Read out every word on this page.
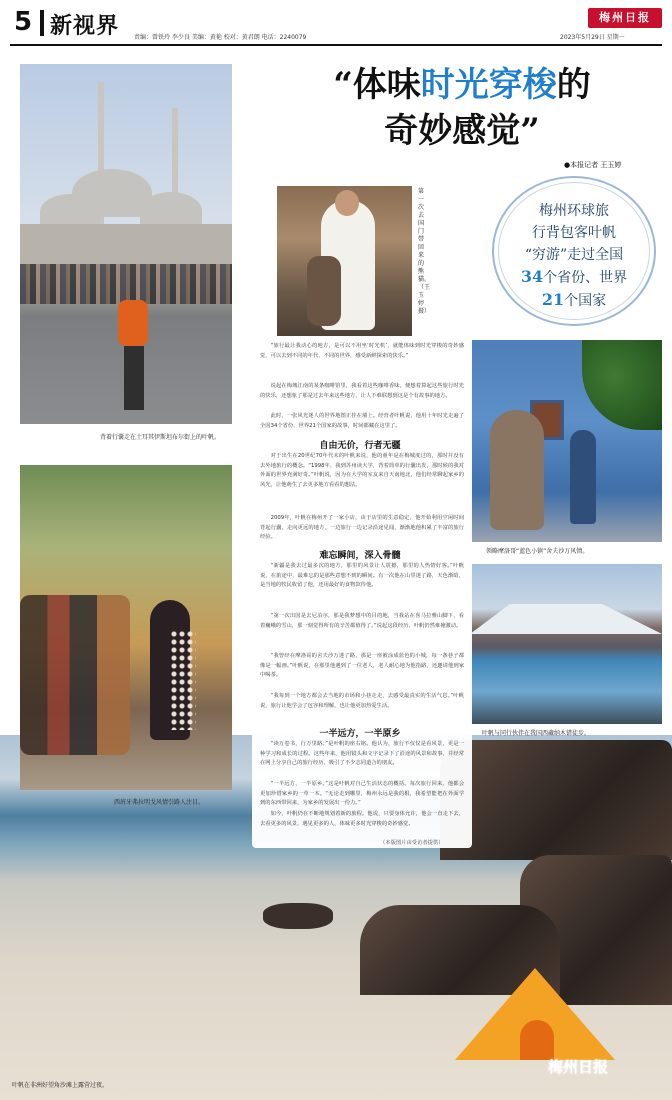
5 新视界 责编：曾铁玲 李少良 美编：黄艳 校对：黄君朗 电话：2240079
梅州日报
2023年5月29日 星期一
叶帆在非洲好望角沙滩上露营过夜。
梅州日报
背着行囊走在土耳其伊斯坦布尔街上的叶帆。
西班牙弗拉明戈风情引路人注目。
领略摩洛哥“蓝色小镇”舍夫沙万风情。
叶帆与同行伙伴在我国西藏纳木错徒步。
“体味时光穿梭的
奇妙感觉”
●本报记者 王玉婷
梅州环球旅
行背包客叶帆
“穷游”走过全国
34个省份、世界
21个国家
第一次去国门带回来的熊猫。（王玉婷 摄）
“旅行最让我动心的地方，是可以不用坐‘时光机’，就能体味到时光穿梭的奇妙感觉，可以去到不同的年代、不同的世界，感受新鲜探索的快乐。”
说起在梅城江南的某条咖啡馆里，我看着这些咖啡香味，便想着算起这些旅行时光的快乐，还想象了那是过去年来这些地方，让人不难联想到这是个有故事的地方。
此时，一张风光迷人的世界地图正挂在墙上。经营者叶帆说，他用十年时光走遍了全国34个省份、世界21个国家的故事，时间都藏在这里了。
自由无价，行者无疆
对于出生在20世纪70年代末的叶帆来说，他的童年是在梅城度过的，那时并没有去外地旅行的概念。“1998年，我到苏州读大学，背着简单的行囊出发，那时候的我对外面的世界充满好奇。”叶帆说，因为在大学的室友来自天南地北，他们经常聊起家乡的风光，让他萌生了去更多地方看看的想法。
2009年，叶帆在梅州开了一家小店，由于店里的生意稳定，他开始利用空闲时间背起行囊，走向更远的地方，一边旅行一边记录沿途见闻，渐渐地他积累了丰富的旅行经验。
难忘瞬间，深入骨髓
“新疆是我去过最多次的地方，那里的风景让人震撼，那里的人热情好客。”叶帆说，在旅途中，最难忘的是那些意想不到的瞬间。有一次他在山里迷了路，天色渐暗，是当地的牧民收留了他，还用最好的食物款待他。
“第一次出国是去尼泊尔，那是我梦想中的目的地，当我站在喜马拉雅山脚下，看着巍峨的雪山，那一刻觉得所有的辛苦都值得了。”说起这段经历，叶帆仍然难掩激动。
“我曾经在摩洛哥的舍夫沙万迷了路，那是一座被涂成蓝色的小城，每一条巷子都像是一幅画。”叶帆说，在那里他遇到了一位老人，老人耐心地为他指路，还邀请他到家中喝茶。
“我每到一个地方都会去当地的市场和小巷走走，去感受最真实的生活气息。”叶帆说，旅行让他学会了包容和理解，也让他更加热爱生活。
一半远方，一半原乡
“读万卷书，行万里路。”是叶帆的座右铭。他认为，旅行不仅仅是看风景，更是一种学习和成长的过程。这些年来，他用镜头和文字记录下了沿途的风景和故事，并经常在网上分享自己的旅行经历，吸引了不少志同道合的朋友。
“一半远方，一半原乡。”这是叶帆对自己生活状态的概括。每次旅行回来，他都会更加珍惜家乡的一草一木。“无论走到哪里，梅州永远是我的根，我希望能把在外面学到的东西带回来，为家乡的发展出一份力。”
如今，叶帆仍在不断地规划着新的旅程。他说，只要身体允许，他会一直走下去，去看更多的风景，遇见更多的人，体味更多时光穿梭的奇妙感觉。
（本版图片由受访者提供）
